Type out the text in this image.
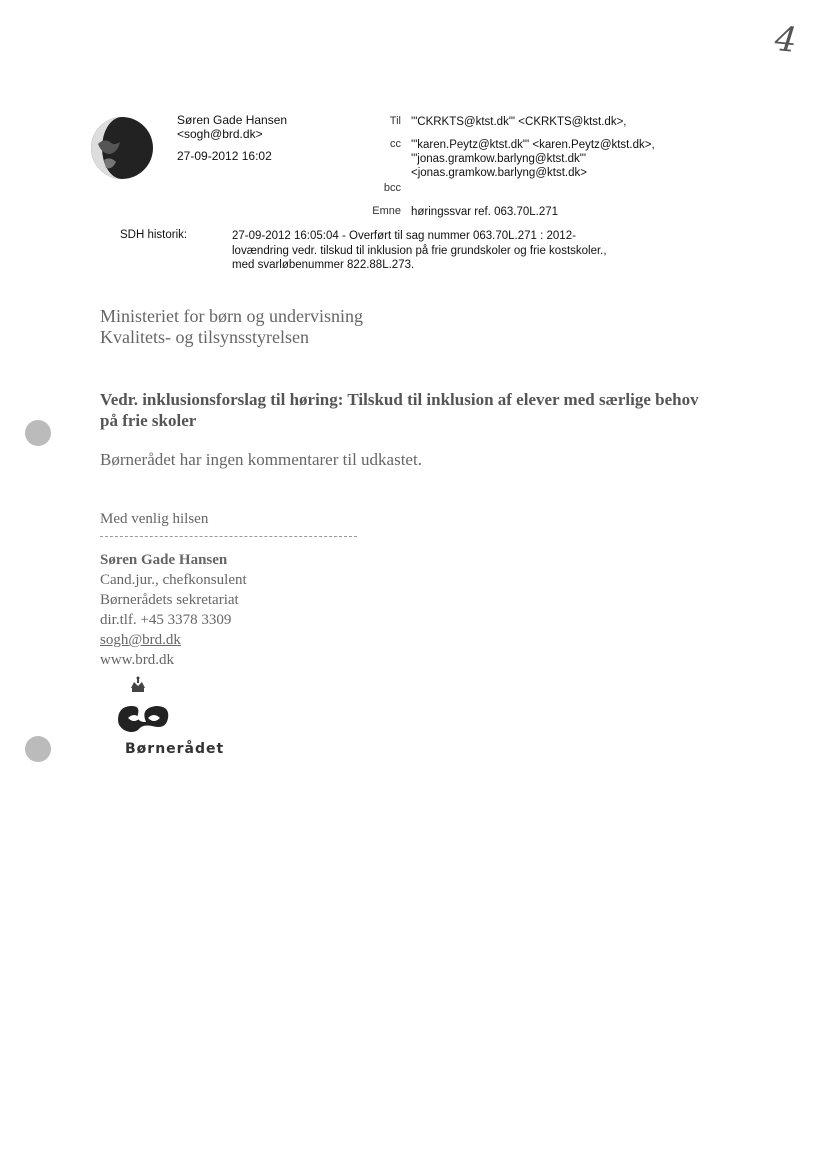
4
Søren Gade Hansen
<sogh@brd.dk>
27-09-2012 16:02
Til '"CKRKTS@ktst.dk"' <CKRKTS@ktst.dk>,
cc '"karen.Peytz@ktst.dk"' <karen.Peytz@ktst.dk>,
'"jonas.gramkow.barlyng@ktst.dk"'
<jonas.gramkow.barlyng@ktst.dk>
bcc
Emne høringssvar ref. 063.70L.271
SDH historik:	27-09-2012 16:05:04 - Overført til sag nummer 063.70L.271 : 2012-lovændring vedr. tilskud til inklusion på frie grundskoler og frie kostskoler., med svarløbenummer 822.88L.273.
Ministeriet for børn og undervisning
Kvalitets- og tilsynsstyrelsen
Vedr. inklusionsforslag til høring: Tilskud til inklusion af elever med særlige behov på frie skoler
Børnerådet har ingen kommentarer til udkastet.
Med venlig hilsen
Søren Gade Hansen
Cand.jur., chefkonsulent
Børnerådets sekretariat
dir.tlf. +45 3378 3309
sogh@brd.dk
www.brd.dk
Børnerådet
